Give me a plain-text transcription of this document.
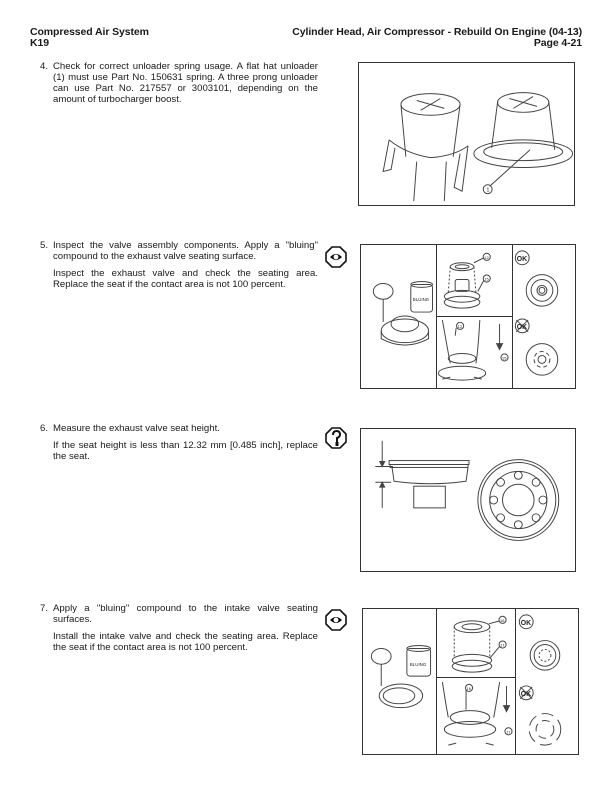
Compressed Air System
K19
Cylinder Head, Air Compressor - Rebuild On Engine (04-13)
Page 4-21
4. Check for correct unloader spring usage. A flat hat unloader (1) must use Part No. 150631 spring. A three prong unloader can use Part No. 217557 or 3003101, depending on the amount of turbocharger boost.

1
5. Inspect the valve assembly components. Apply a "bluing" compound to the exhaust valve seating surface.

Inspect the exhaust valve and check the seating area. Replace the seat if the contact area is not 100 percent.

BLUING
OK
OK
12
15
12
15
6. Measure the exhaust valve seat height.

If the seat height is less than 12.32 mm [0.485 inch], replace the seat.

7. Apply a "bluing" compound to the intake valve seating surfaces.

Install the intake valve and check the seating area. Replace the seat if the contact area is not 100 percent.

BLUING
OK
OK
16
17
16
17
